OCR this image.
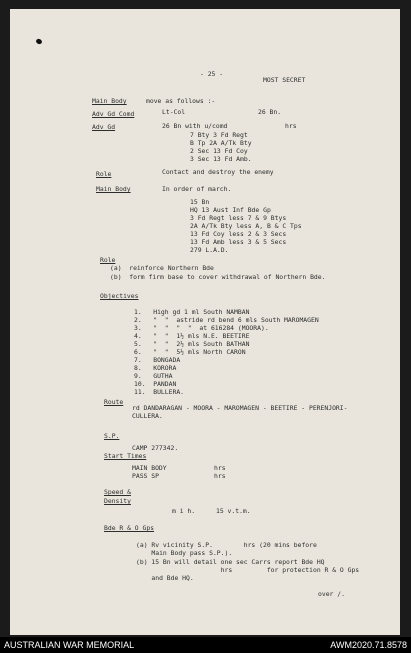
- 25 -
MOST SECRET
Main Body	move as follows :-
Adv Gd Comd	Lt-Col	26 Bn.
Adv Gd	26 Bn with u/comd	hrs
7 Bty 3 Fd Regt
B Tp 2A A/Tk Bty
2 Sec 13 Fd Coy
3 Sec 13 Fd Amb.
Role	Contact and destroy the enemy
Main Body	In order of march.
15 Bn
HQ 13 Aust Inf Bde Gp
3 Fd Regt less 7 & 9 Btys
2A A/Tk Bty less A, B & C Tps
13 Fd Coy less 2 & 3 Secs
13 Fd Amb less 3 & 5 Secs
279 L.A.D.
Role
(a)  reinforce Northern Bde
(b)  form firm base to cover withdrawal of Northern Bde.
Objectives
1.   High gd 1 ml South NAMBAN
2.   "  "  astride rd bend 6 mls South MAROMAGEN
3.   "  "  "  "  at 616284 (MOORA).
4.   "  "  1½ mls N.E. BEETIRE
5.   "  "  2½ mls South BATHAN
6.   "  "  5½ mls North CARON
7.   BONGADA
8.   KORORA
9.   GUTHA
10.  PANDAN
11.  BULLERA.
Route
rd DANDARAGAN - MOORA - MAROMAGEN - BEETIRE - PERENJORI-
CULLERA.
S.P.
CAMP 277342.
Start Times
MAIN BODY	hrs
PASS SP	hrs
Speed &
Density
m i h.	15 v.t.m.
Bde R & O Gps
(a) Rv vicinity S.P.        hrs (20 mins before
Main Body pass S.P.).
(b) 15 Bn will detail one sec Carrs report Bde HQ
hrs         for protection R & O Gps
and Bde HQ.
over /.
AUSTRALIAN WAR MEMORIAL	AWM2020.71.8578
